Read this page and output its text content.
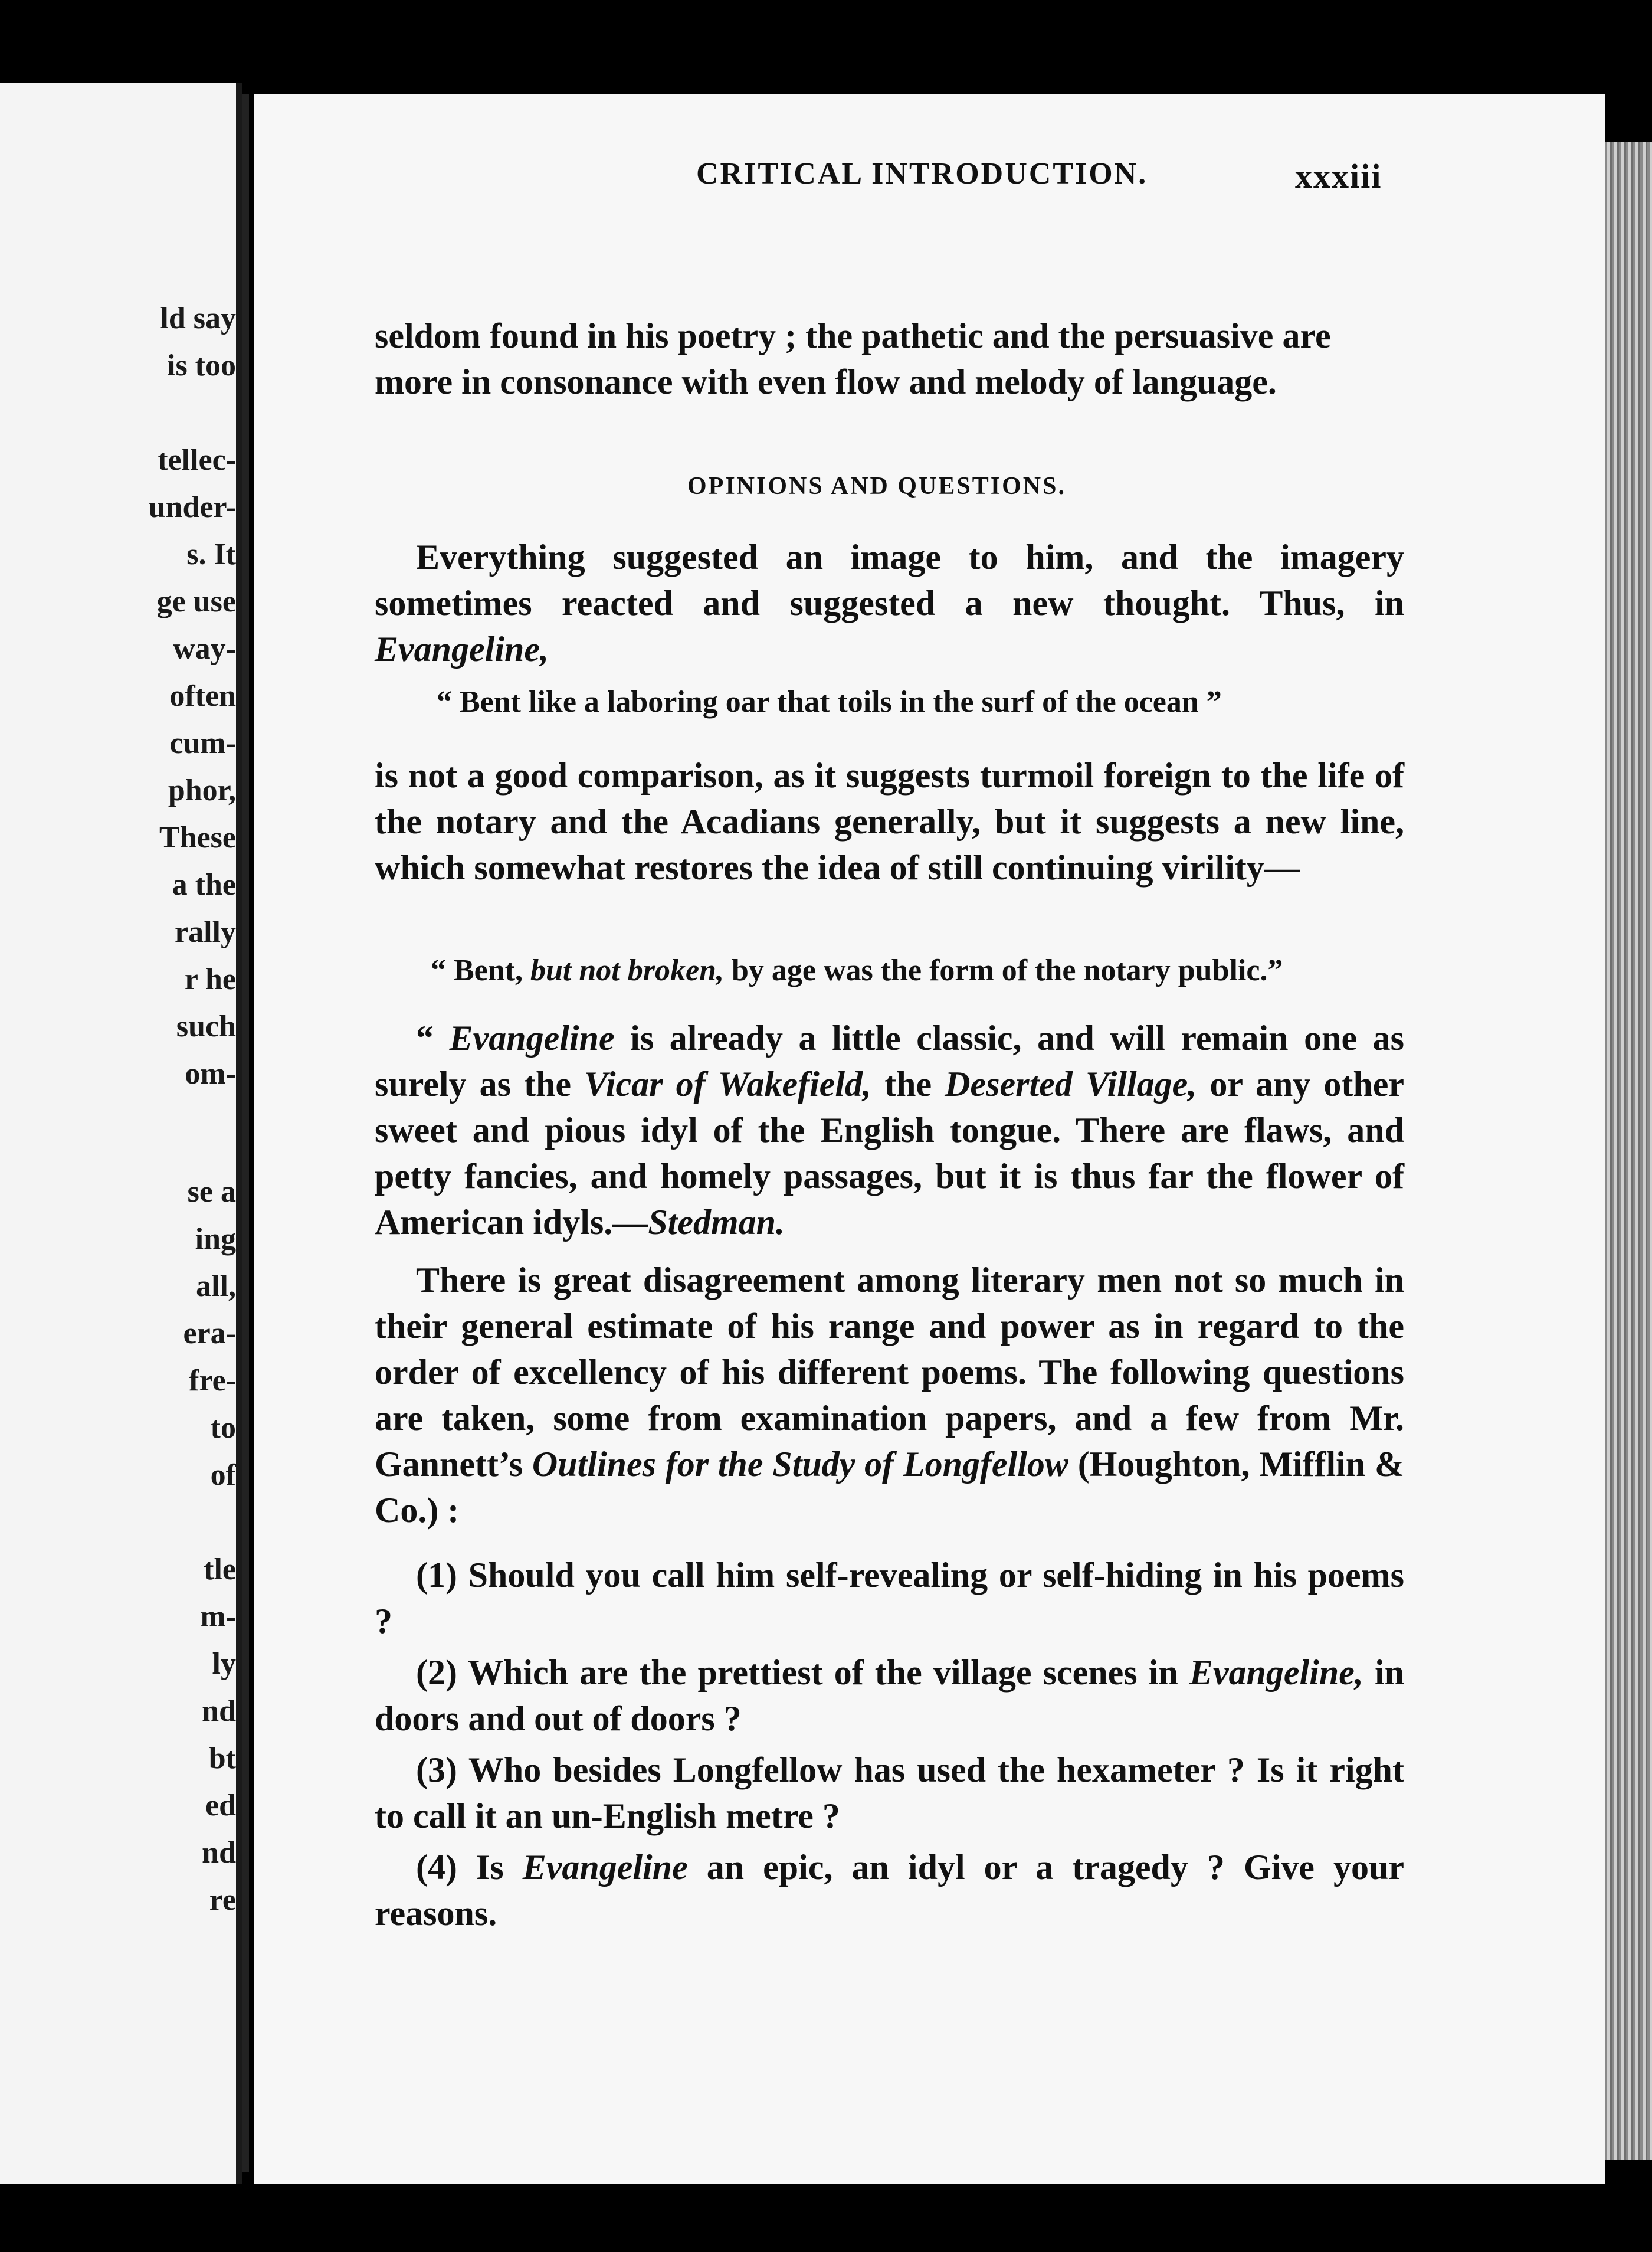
ld say
is too
tellec-
under-
s. It
ge use
way-
often
cum-
phor,
These
a the
rally
r he
such
om-
se a
ing
all,
era-
fre-
to
of
tle
m-
ly
nd
bt
ed
nd
re
CRITICAL INTRODUCTION.	xxxiii

seldom found in his poetry ; the pathetic and the persuasive are

more in consonance with even flow and melody of language.

OPINIONS AND QUESTIONS.

Everything suggested an image to him, and the imagery sometimes reacted and suggested a new thought. Thus, in Evangeline,

“ Bent like a laboring oar that toils in the surf of the ocean ”

is not a good comparison, as it suggests turmoil foreign to the life of the notary and the Acadians generally, but it suggests a new line, which somewhat restores the idea of still continuing virility—

“ Bent, but not broken, by age was the form of the notary public.”

“ Evangeline is already a little classic, and will remain one as surely as the Vicar of Wakefield, the Deserted Village, or any other sweet and pious idyl of the English tongue. There are flaws, and petty fancies, and homely passages, but it is thus far the flower of American idyls.—Stedman.

There is great disagreement among literary men not so much in their general estimate of his range and power as in regard to the order of excellency of his different poems. The following questions are taken, some from examination papers, and a few from Mr. Gannett’s Outlines for the Study of Longfellow (Houghton, Mifflin & Co.) :

(1) Should you call him self-revealing or self-hiding in his poems ?

(2) Which are the prettiest of the village scenes in Evangeline, in doors and out of doors ?

(3) Who besides Longfellow has used the hexameter ? Is it right to call it an un-English metre ?

(4) Is Evangeline an epic, an idyl or a tragedy ? Give your reasons.
